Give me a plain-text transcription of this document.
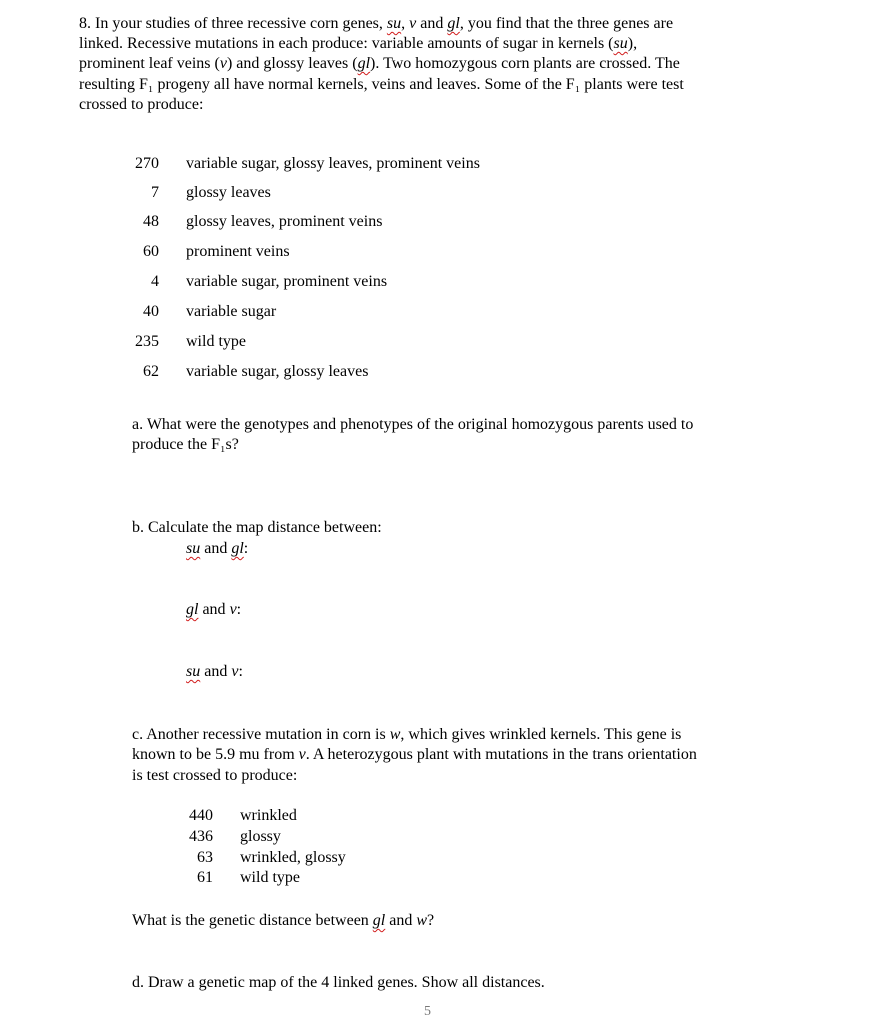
8. In your studies of three recessive corn genes, su, v and gl, you find that the three genes are
linked. Recessive mutations in each produce: variable amounts of sugar in kernels (su),
prominent leaf veins (v) and glossy leaves (gl). Two homozygous corn plants are crossed. The
resulting F₁ progeny all have normal kernels, veins and leaves. Some of the F₁ plants were test
crossed to produce:
270 variable sugar, glossy leaves, prominent veins
7 glossy leaves
48 glossy leaves, prominent veins
60 prominent veins
4 variable sugar, prominent veins
40 variable sugar
235 wild type
62 variable sugar, glossy leaves
a. What were the genotypes and phenotypes of the original homozygous parents used to
produce the F₁s?
b. Calculate the map distance between:
su and gl:
gl and v:
su and v:
c. Another recessive mutation in corn is w, which gives wrinkled kernels. This gene is
known to be 5.9 mu from v. A heterozygous plant with mutations in the trans orientation
is test crossed to produce:
440 wrinkled
436 glossy
63 wrinkled, glossy
61 wild type
What is the genetic distance between gl and w?
d. Draw a genetic map of the 4 linked genes. Show all distances.
5
